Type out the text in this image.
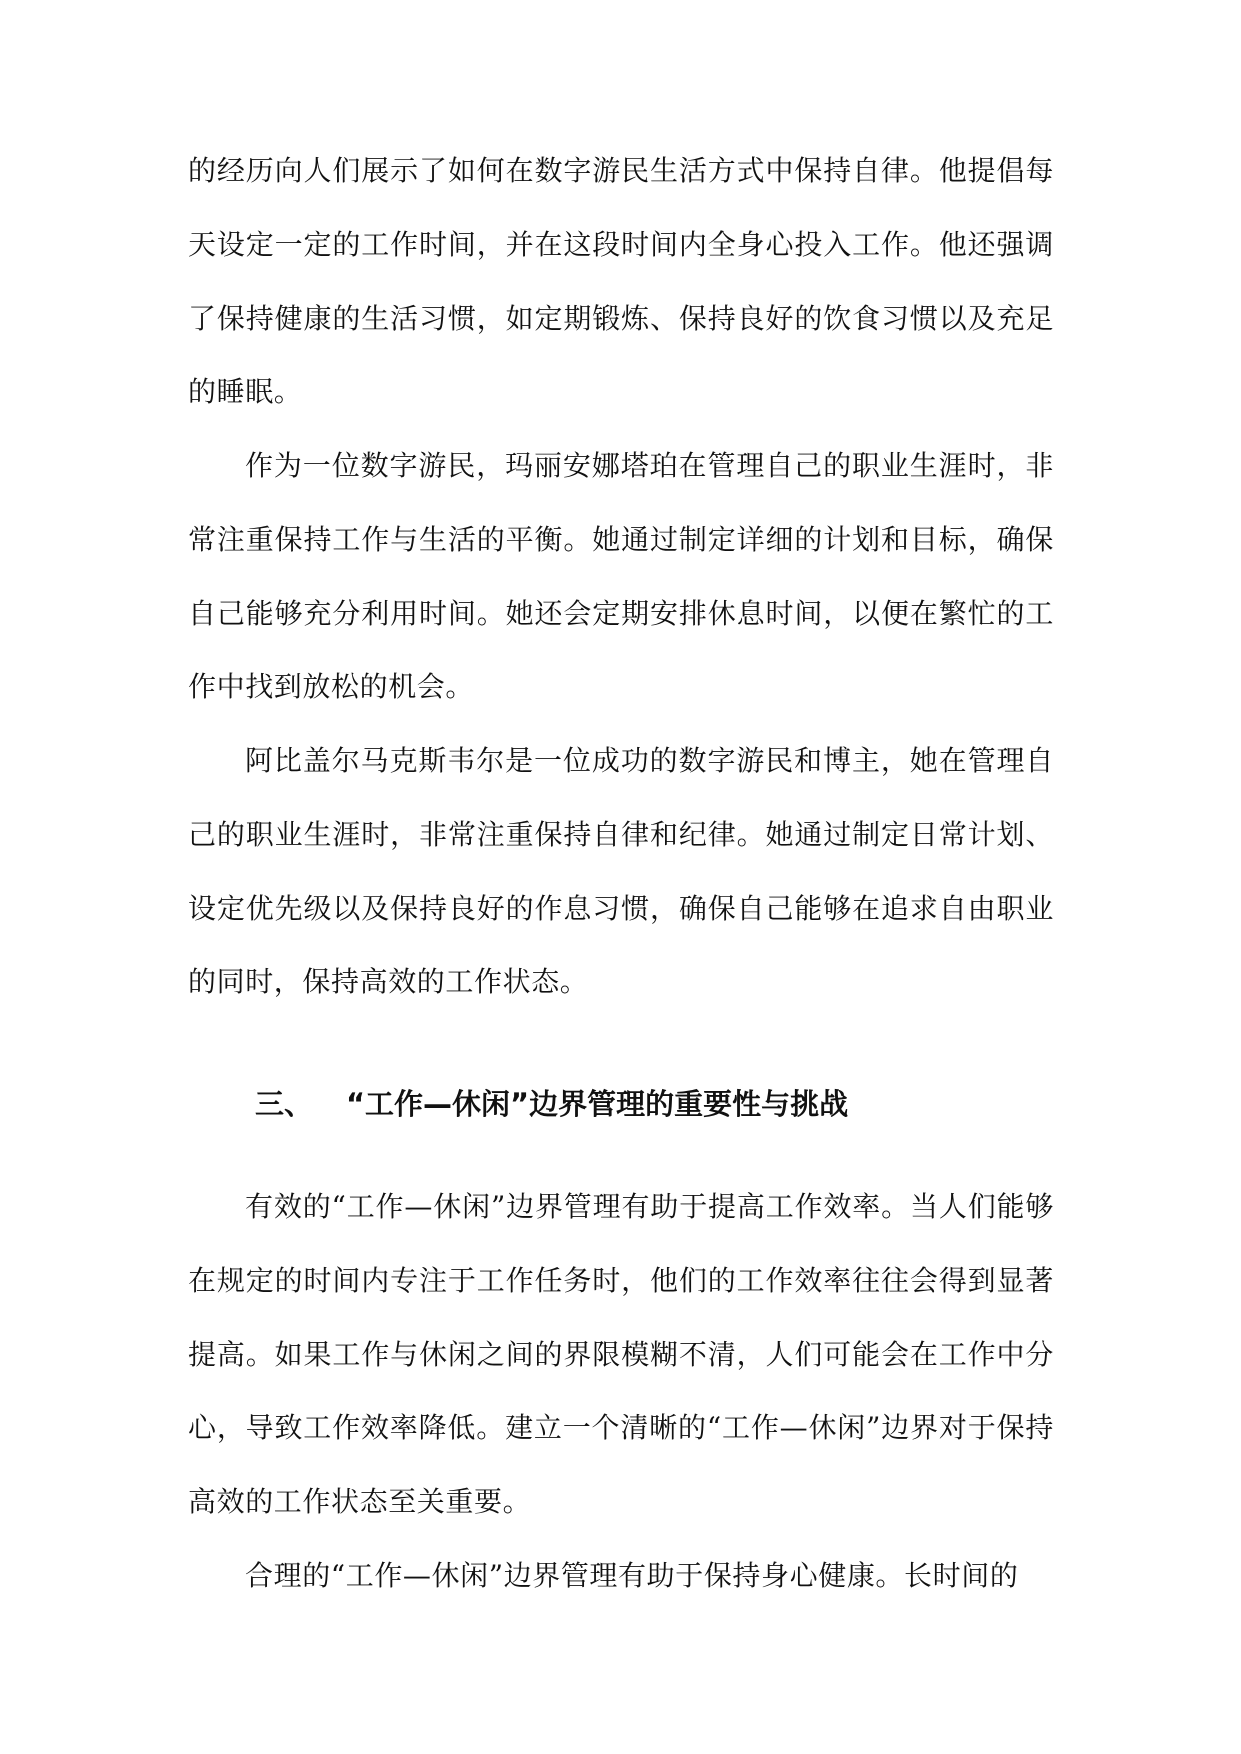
的经历向人们展示了如何在数字游民生活方式中保持自律。他提倡每天设定一定的工作时间，并在这段时间内全身心投入工作。他还强调了保持健康的生活习惯，如定期锻炼、保持良好的饮食习惯以及充足的睡眠。

作为一位数字游民，玛丽安娜塔珀在管理自己的职业生涯时，非常注重保持工作与生活的平衡。她通过制定详细的计划和目标，确保自己能够充分利用时间。她还会定期安排休息时间，以便在繁忙的工作中找到放松的机会。

阿比盖尔马克斯韦尔是一位成功的数字游民和博主，她在管理自己的职业生涯时，非常注重保持自律和纪律。她通过制定日常计划、设定优先级以及保持良好的作息习惯，确保自己能够在追求自由职业的同时，保持高效的工作状态。

三、 “工作—休闲”边界管理的重要性与挑战

有效的“工作—休闲”边界管理有助于提高工作效率。当人们能够在规定的时间内专注于工作任务时，他们的工作效率往往会得到显著提高。如果工作与休闲之间的界限模糊不清，人们可能会在工作中分心，导致工作效率降低。建立一个清晰的“工作—休闲”边界对于保持高效的工作状态至关重要。

合理的“工作—休闲”边界管理有助于保持身心健康。长时间的
